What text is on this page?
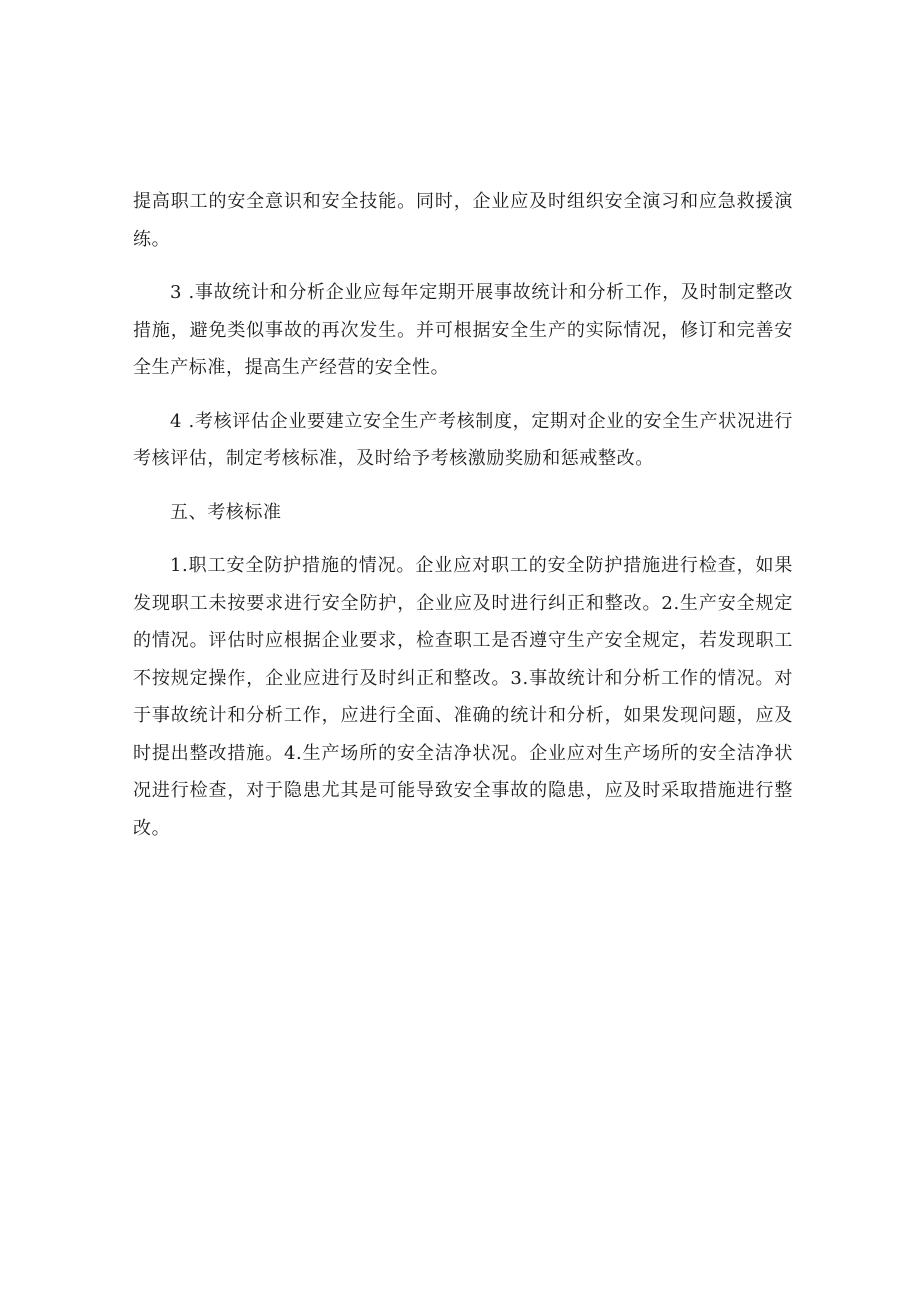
提高职工的安全意识和安全技能。同时，企业应及时组织安全演习和应急救援演练。

3 .事故统计和分析企业应每年定期开展事故统计和分析工作，及时制定整改措施，避免类似事故的再次发生。并可根据安全生产的实际情况，修订和完善安全生产标准，提高生产经营的安全性。

4 .考核评估企业要建立安全生产考核制度，定期对企业的安全生产状况进行考核评估，制定考核标准，及时给予考核激励奖励和惩戒整改。

五、考核标准

1.职工安全防护措施的情况。企业应对职工的安全防护措施进行检查，如果发现职工未按要求进行安全防护，企业应及时进行纠正和整改。2.生产安全规定的情况。评估时应根据企业要求，检查职工是否遵守生产安全规定，若发现职工不按规定操作，企业应进行及时纠正和整改。3.事故统计和分析工作的情况。对于事故统计和分析工作，应进行全面、准确的统计和分析，如果发现问题，应及时提出整改措施。4.生产场所的安全洁净状况。企业应对生产场所的安全洁净状况进行检查，对于隐患尤其是可能导致安全事故的隐患，应及时采取措施进行整改。
